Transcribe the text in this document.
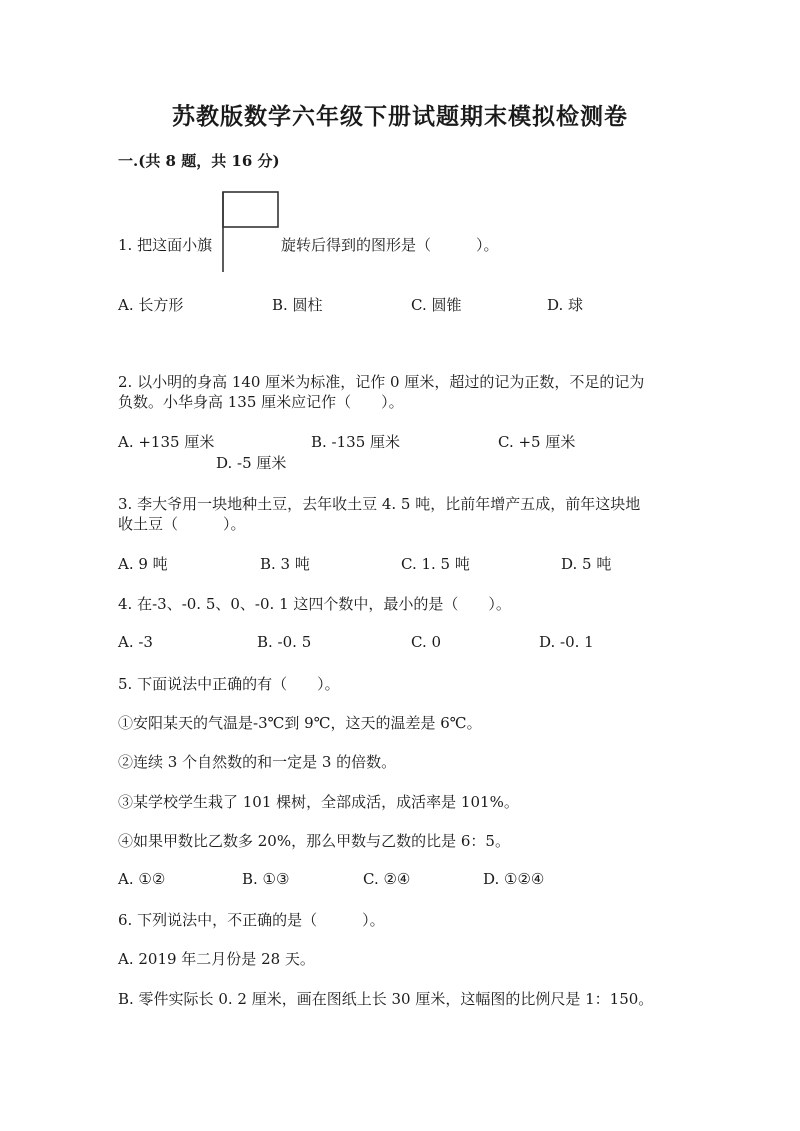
苏教版数学六年级下册试题期末模拟检测卷
一.(共 8 题，共 16 分)
1. 把这面小旗	旋转后得到的图形是（　　　）。
A. 长方形	B. 圆柱	C. 圆锥	D. 球
2. 以小明的身高 140 厘米为标准，记作 0 厘米，超过的记为正数，不足的记为
负数。小华身高 135 厘米应记作（　　）。
A. +135 厘米	B. -135 厘米	C. +5 厘米
D. -5 厘米
3. 李大爷用一块地种土豆，去年收土豆 4. 5 吨，比前年增产五成，前年这块地
收土豆（　　　）。
A. 9 吨	B. 3 吨	C. 1. 5 吨	D. 5 吨
4. 在-3、-0. 5、0、-0. 1 这四个数中，最小的是（　　）。
A. -3	B. -0. 5	C. 0	D. -0. 1
5. 下面说法中正确的有（　　）。
①安阳某天的气温是-3℃到 9℃，这天的温差是 6℃。
②连续 3 个自然数的和一定是 3 的倍数。
③某学校学生栽了 101 棵树，全部成活，成活率是 101%。
④如果甲数比乙数多 20%，那么甲数与乙数的比是 6：5。
A. ①②	B. ①③	C. ②④	D. ①②④
6. 下列说法中，不正确的是（　　　）。
A. 2019 年二月份是 28 天。
B. 零件实际长 0. 2 厘米，画在图纸上长 30 厘米，这幅图的比例尺是 1：150。
